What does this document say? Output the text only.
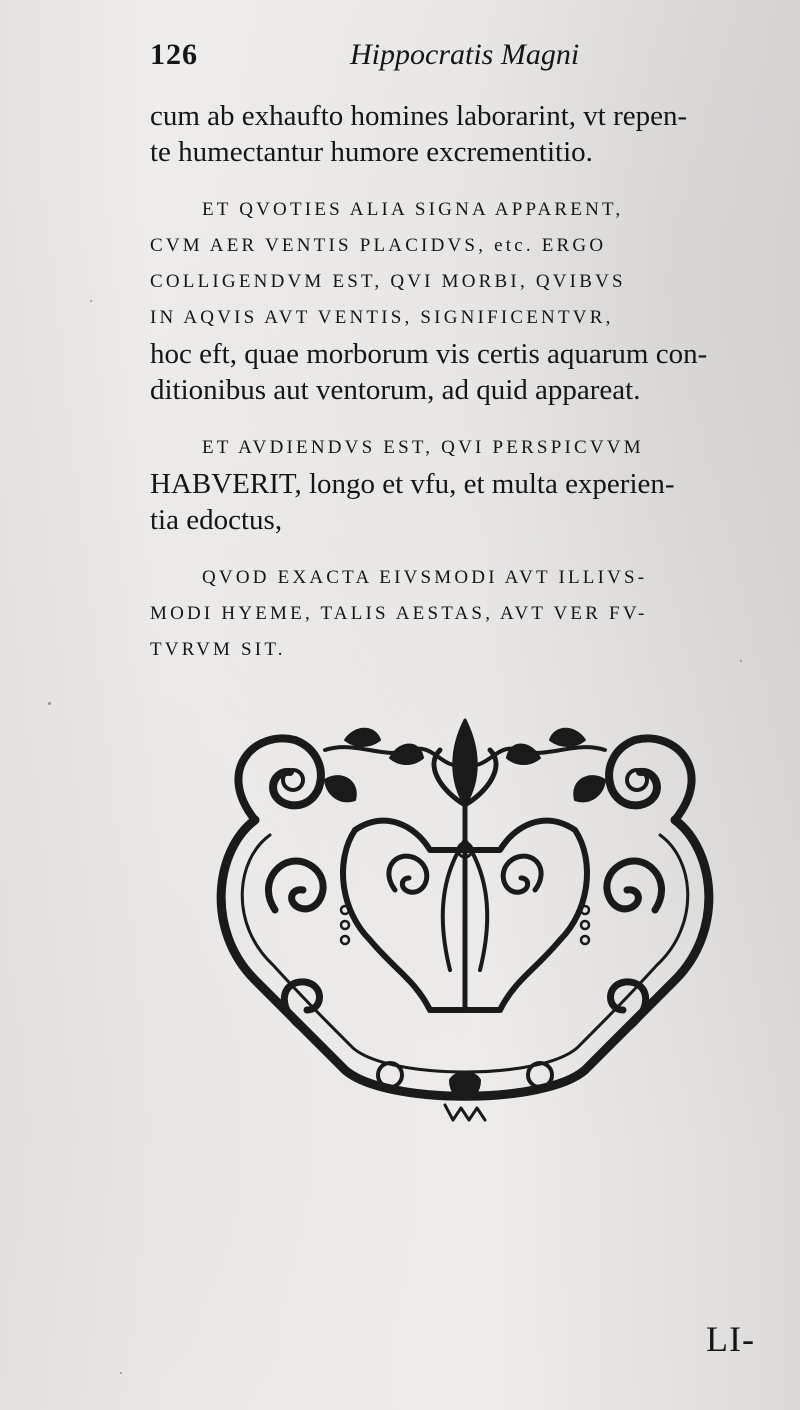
126	Hippocratis Magni
cum ab exhaufto homines laborarint, vt repen-
te humectantur humore excrementitio.
ET QVOTIES ALIA SIGNA APPARENT,
CVM AER VENTIS PLACIDVS, etc. ERGO
COLLIGENDVM EST, QVI MORBI, QVIBVS
IN AQVIS AVT VENTIS, SIGNIFICENTVR,
hoc eft, quae morborum vis certis aquarum con-
ditionibus aut ventorum, ad quid appareat.
ET AVDIENDVS EST, QVI PERSPICVVM
HABVERIT, longo et vfu, et multa experien-
tia edoctus,
QVOD EXACTA EIVSMODI AVT ILLIVS-
MODI HYEME, TALIS AESTAS, AVT VER FV-
TVRVM SIT.
LI-
